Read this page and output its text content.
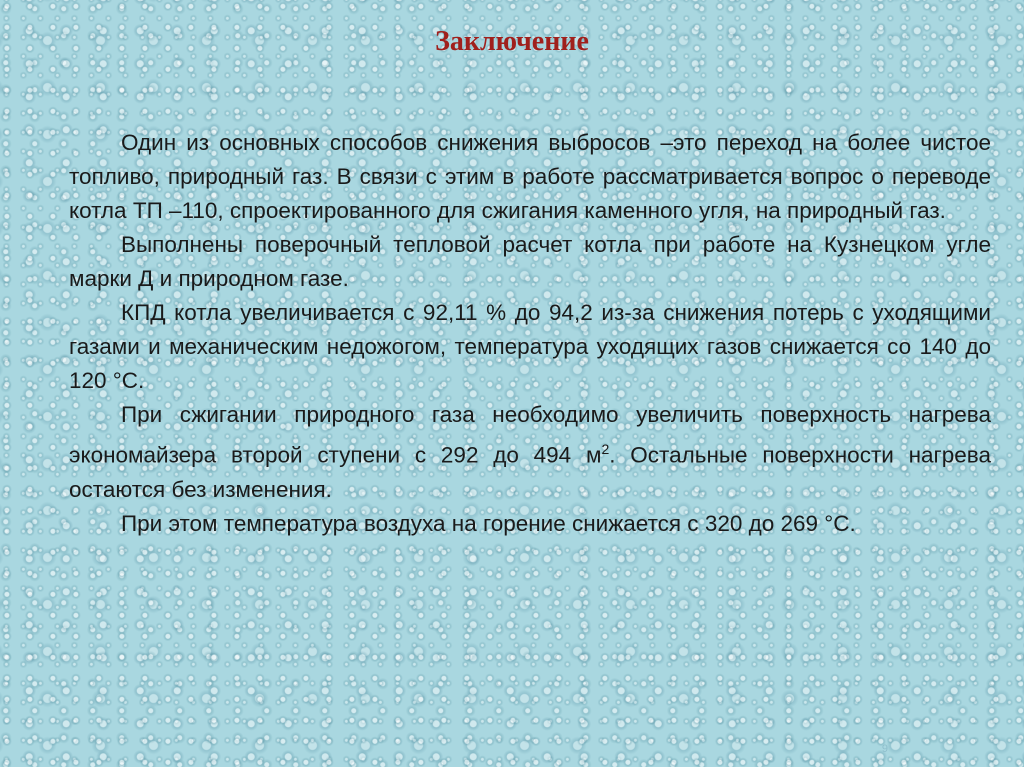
Заключение

Один из основных способов снижения выбросов –это переход на более чистое топливо, природный газ. В связи с этим в работе рассматривается вопрос о переводе котла ТП –110, спроектированного для сжигания каменного угля, на природный газ.

Выполнены поверочный тепловой расчет котла при работе на Кузнецком угле марки Д и природном газе.

КПД котла увеличивается с 92,11 % до 94,2 из-за снижения потерь с уходящими газами и механическим недожогом, температура уходящих газов снижается со 140 до 120 °С.

При сжигании природного газа необходимо увеличить поверхность нагрева экономайзера второй ступени с 292 до 494 $м^2$. Остальные поверхности нагрева остаются без изменения.

При этом температура воздуха на горение снижается с 320 до 269 °С.

9
